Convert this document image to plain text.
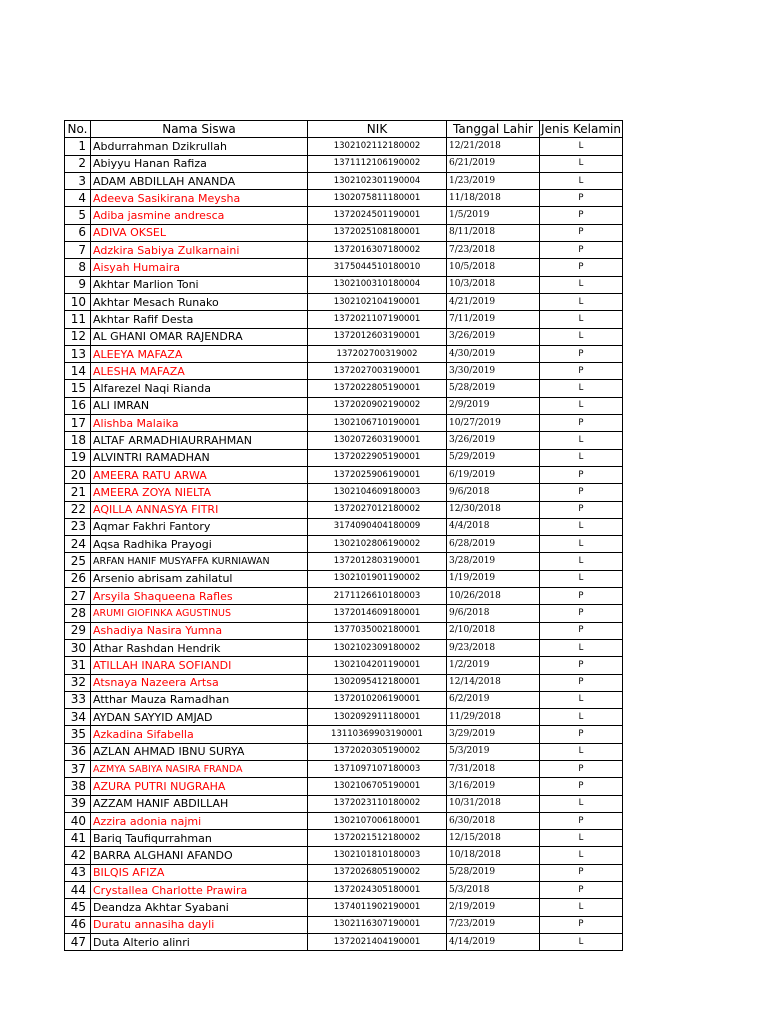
No.	Nama Siswa	NIK	Tanggal Lahir	Jenis Kelamin
1	Abdurrahman Dzikrullah	1302102112180002	12/21/2018	L
2	Abiyyu Hanan Rafiza	1371112106190002	6/21/2019	L
3	ADAM ABDILLAH ANANDA	1302102301190004	1/23/2019	L
4	Adeeva Sasikirana Meysha	1302075811180001	11/18/2018	P
5	Adiba jasmine andresca	1372024501190001	1/5/2019	P
6	ADIVA OKSEL	1372025108180001	8/11/2018	P
7	Adzkira Sabiya Zulkarnaini	1372016307180002	7/23/2018	P
8	Aisyah Humaira	3175044510180010	10/5/2018	P
9	Akhtar Marlion Toni	1302100310180004	10/3/2018	L
10	Akhtar Mesach Runako	1302102104190001	4/21/2019	L
11	Akhtar Rafif Desta	1372021107190001	7/11/2019	L
12	AL GHANI OMAR RAJENDRA	1372012603190001	3/26/2019	L
13	ALEEYA MAFAZA	137202700319002	4/30/2019	P
14	ALESHA MAFAZA	1372027003190001	3/30/2019	P
15	Alfarezel Naqi Rianda	1372022805190001	5/28/2019	L
16	ALI IMRAN	1372020902190002	2/9/2019	L
17	Alishba Malaika	1302106710190001	10/27/2019	P
18	ALTAF ARMADHIAURRAHMAN	1302072603190001	3/26/2019	L
19	ALVINTRI RAMADHAN	1372022905190001	5/29/2019	L
20	AMEERA RATU ARWA	1372025906190001	6/19/2019	P
21	AMEERA ZOYA NIELTA	1302104609180003	9/6/2018	P
22	AQILLA ANNASYA FITRI	1372027012180002	12/30/2018	P
23	Aqmar Fakhri Fantory	3174090404180009	4/4/2018	L
24	Aqsa Radhika Prayogi	1302102806190002	6/28/2019	L
25	ARFAN HANIF MUSYAFFA KURNIAWAN	1372012803190001	3/28/2019	L
26	Arsenio abrisam zahilatul	1302101901190002	1/19/2019	L
27	Arsyila Shaqueena Rafles	2171126610180003	10/26/2018	P
28	ARUMI GIOFINKA AGUSTINUS	1372014609180001	9/6/2018	P
29	Ashadiya Nasira Yumna	1377035002180001	2/10/2018	P
30	Athar Rashdan Hendrik	1302102309180002	9/23/2018	L
31	ATILLAH INARA SOFIANDI	1302104201190001	1/2/2019	P
32	Atsnaya Nazeera Artsa	1302095412180001	12/14/2018	P
33	Atthar Mauza Ramadhan	1372010206190001	6/2/2019	L
34	AYDAN SAYYID AMJAD	1302092911180001	11/29/2018	L
35	Azkadina Sifabella	13110369903190001	3/29/2019	P
36	AZLAN AHMAD IBNU SURYA	1372020305190002	5/3/2019	L
37	AZMYA SABIYA NASIRA FRANDA	1371097107180003	7/31/2018	P
38	AZURA PUTRI NUGRAHA	1302106705190001	3/16/2019	P
39	AZZAM HANIF ABDILLAH	1372023110180002	10/31/2018	L
40	Azzira adonia najmi	1302107006180001	6/30/2018	P
41	Bariq Taufiqurrahman	1372021512180002	12/15/2018	L
42	BARRA ALGHANI AFANDO	1302101810180003	10/18/2018	L
43	BILQIS AFIZA	1372026805190002	5/28/2019	P
44	Crystallea Charlotte Prawira	1372024305180001	5/3/2018	P
45	Deandza Akhtar Syabani	1374011902190001	2/19/2019	L
46	Duratu annasiha dayli	1302116307190001	7/23/2019	P
47	Duta Alterio alinri	1372021404190001	4/14/2019	L
